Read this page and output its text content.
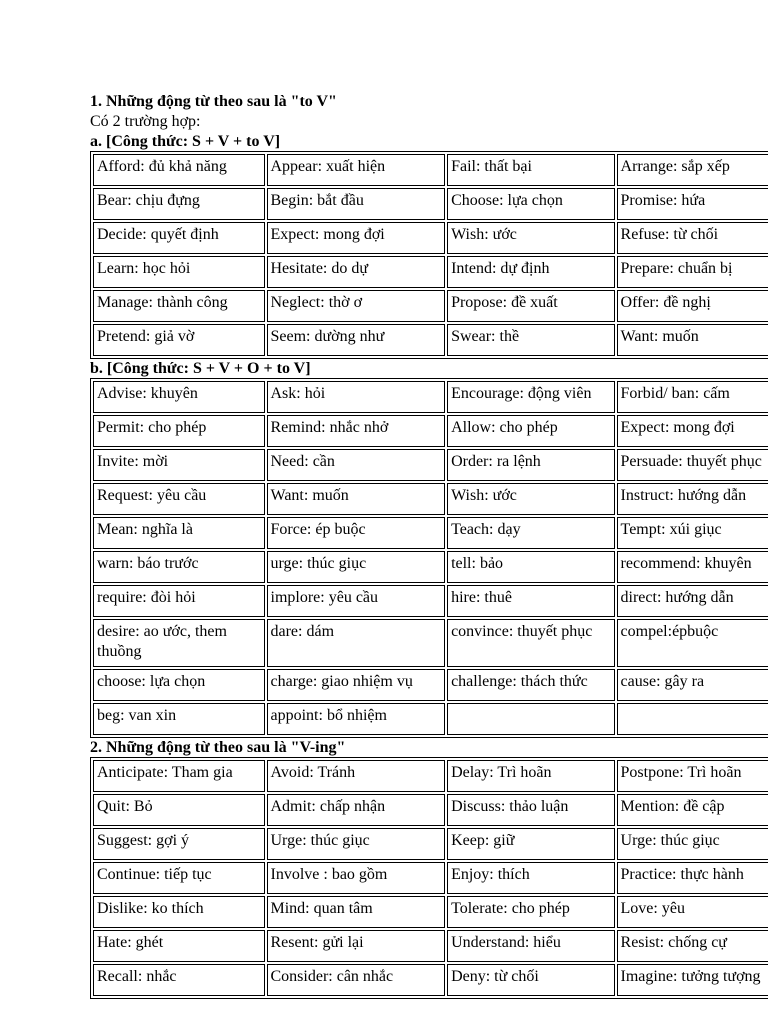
1. Những động từ theo sau là "to V"
Có 2 trường hợp:
a. [Công thức: S + V + to V]
Afford: đủ khả năng	Appear: xuất hiện	Fail: thất bại	Arrange: sắp xếp
Bear: chịu đựng	Begin: bắt đầu	Choose: lựa chọn	Promise: hứa
Decide: quyết định	Expect: mong đợi	Wish: ước	Refuse: từ chối
Learn: học hỏi	Hesitate: do dự	Intend: dự định	Prepare: chuẩn bị
Manage: thành công	Neglect: thờ ơ	Propose: đề xuất	Offer: đề nghị
Pretend: giả vờ	Seem: dường như	Swear: thề	Want: muốn
b. [Công thức: S + V + O + to V]
Advise: khuyên	Ask: hỏi	Encourage: động viên	Forbid/ ban: cấm
Permit: cho phép	Remind: nhắc nhở	Allow: cho phép	Expect: mong đợi
Invite: mời	Need: cần	Order: ra lệnh	Persuade: thuyết phục
Request: yêu cầu	Want: muốn	Wish: ước	Instruct: hướng dẫn
Mean: nghĩa là	Force: ép buộc	Teach: dạy	Tempt: xúi giục
warn: báo trước	urge: thúc giục	tell: bảo	recommend: khuyên
require: đòi hỏi	implore: yêu cầu	hire: thuê	direct: hướng dẫn
desire: ao ước, them thuồng	dare: dám	convince: thuyết phục	compel:épbuộc
choose: lựa chọn	charge: giao nhiệm vụ	challenge: thách thức	cause: gây ra
beg: van xin	appoint: bổ nhiệm		
2. Những động từ theo sau là "V-ing"
Anticipate: Tham gia	Avoid: Tránh	Delay: Trì hoãn	Postpone: Trì hoãn
Quit: Bỏ	Admit: chấp nhận	Discuss: thảo luận	Mention: đề cập
Suggest: gợi ý	Urge: thúc giục	Keep: giữ	Urge: thúc giục
Continue: tiếp tục	Involve : bao gồm	Enjoy: thích	Practice: thực hành
Dislike: ko thích	Mind: quan tâm	Tolerate: cho phép	Love: yêu
Hate: ghét	Resent: gửi lại	Understand: hiểu	Resist: chống cự
Recall: nhắc	Consider: cân nhắc	Deny: từ chối	Imagine: tưởng tượng
